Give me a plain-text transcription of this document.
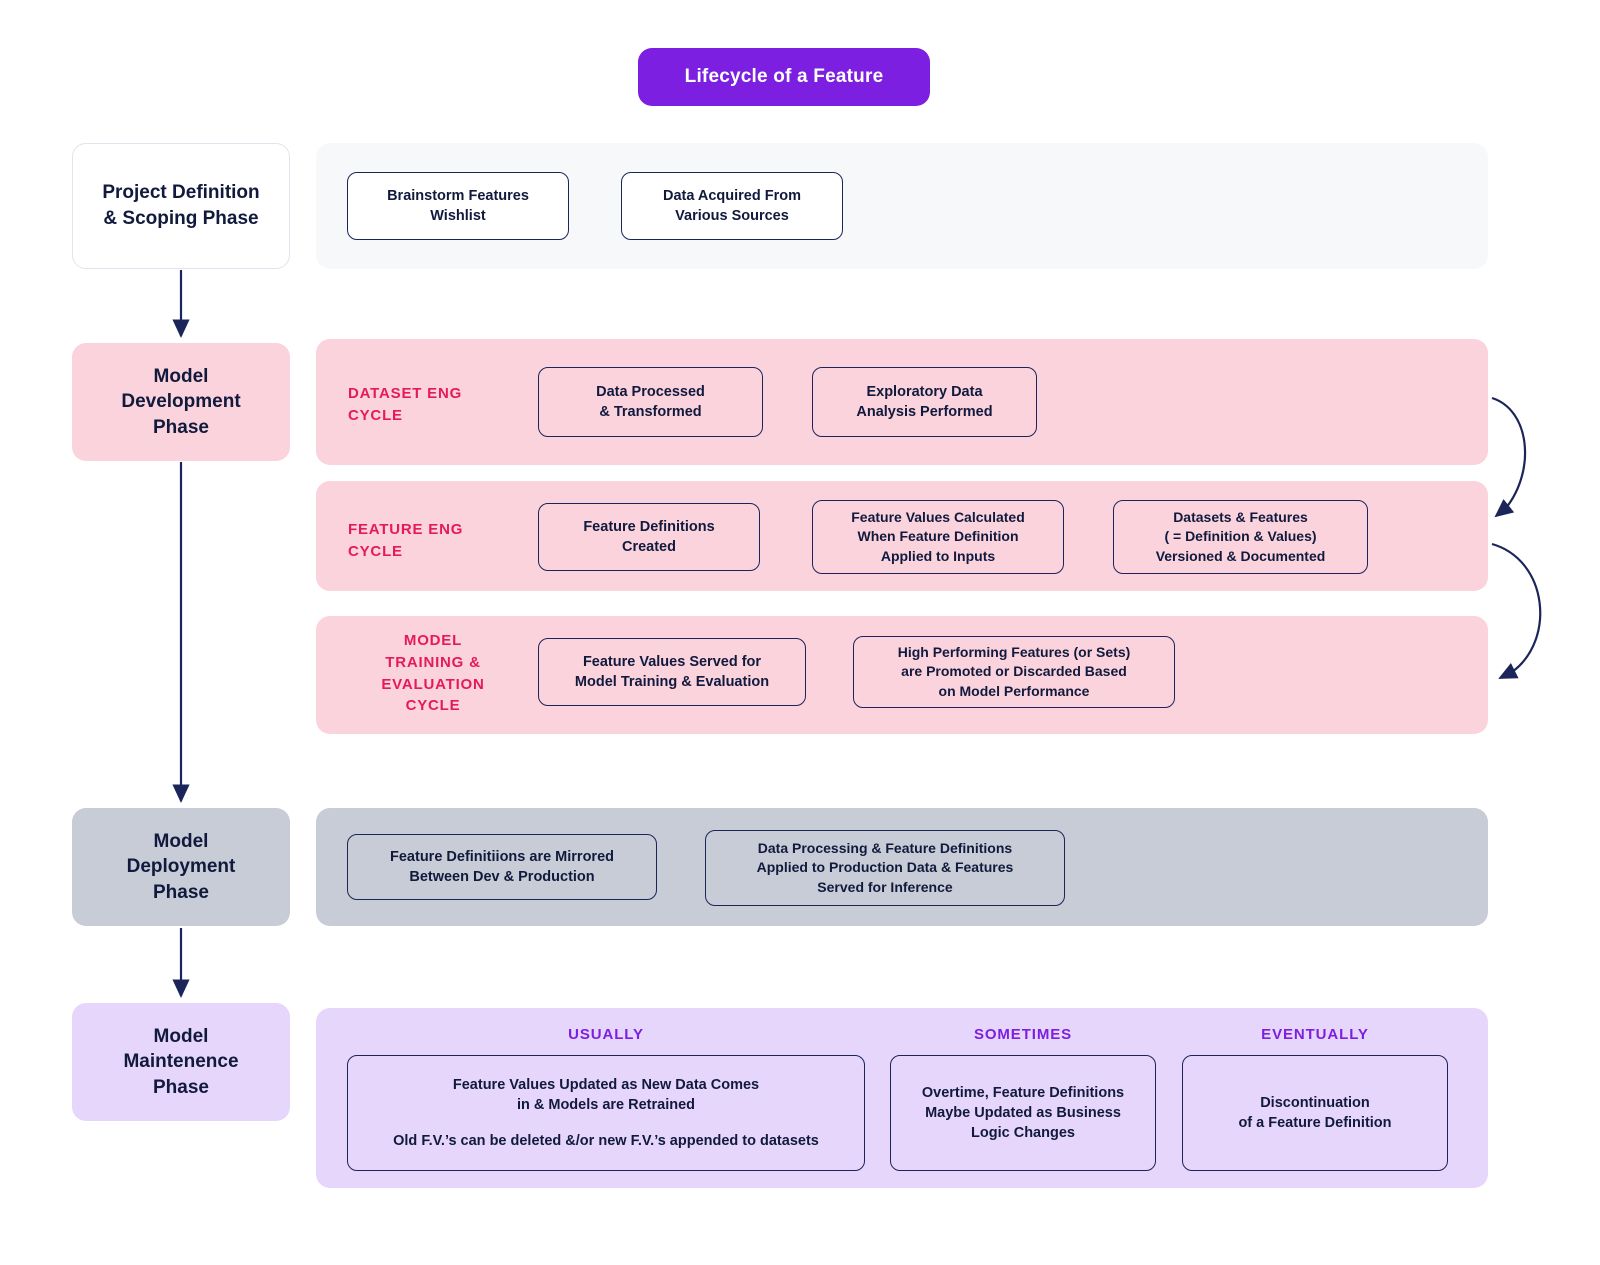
Lifecycle of a Feature
Project Definition
& Scoping Phase
Model
Development
Phase
Model
Deployment
Phase
Model
Maintenence
Phase
DATASET ENG
CYCLE
FEATURE ENG
CYCLE
MODEL
TRAINING &
EVALUATION
CYCLE
Brainstorm Features
Wishlist
Data Acquired From
Various Sources
Data Processed
& Transformed
Exploratory Data
Analysis Performed
Feature Definitions
Created
Feature Values Calculated
When Feature Definition
Applied to Inputs
Datasets & Features
( = Definition & Values)
Versioned & Documented
Feature Values Served for
Model Training & Evaluation
High Performing Features (or Sets)
are Promoted or Discarded Based
on Model Performance
Feature Definitiions are Mirrored
Between Dev & Production
Data Processing & Feature Definitions
Applied to Production Data & Features
Served for Inference
USUALLY	SOMETIMES	EVENTUALLY
Feature Values Updated as New Data Comes
in & Models are Retrained
Old F.V.’s can be deleted &/or new F.V.’s appended to datasets
Overtime, Feature Definitions
Maybe Updated as Business
Logic Changes
Discontinuation
of a Feature Definition
